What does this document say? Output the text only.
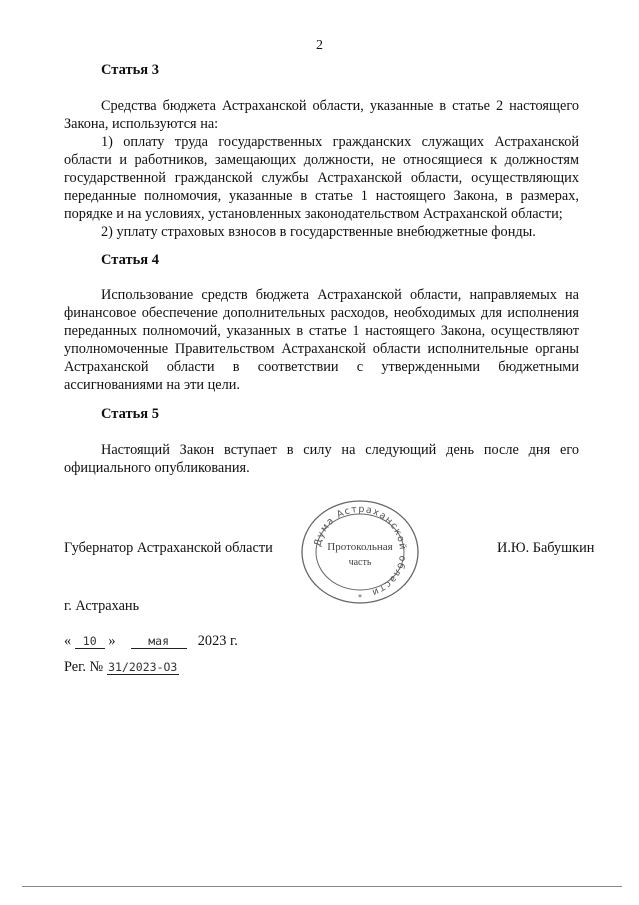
2
Статья 3

Средства бюджета Астраханской области, указанные в статье 2 настоящего Закона, используются на:

1) оплату труда государственных гражданских служащих Астраханской области и работников, замещающих должности, не относящиеся к должностям государственной гражданской службы Астраханской области, осуществляющих переданные полномочия, указанные в статье 1 настоящего Закона, в размерах, порядке и на условиях, установленных законодательством Астраханской области;

2) уплату страховых взносов в государственные внебюджетные фонды.

Статья 4

Использование средств бюджета Астраханской области, направляемых на финансовое обеспечение дополнительных расходов, необходимых для исполнения переданных полномочий, указанных в статье 1 настоящего Закона, осуществляют уполномоченные Правительством Астраханской области исполнительные органы Астраханской области в соответствии с утвержденными бюджетными ассигнованиями на эти цели.

Статья 5

Настоящий Закон вступает в силу на следующий день после дня его официального опубликования.

Губернатор Астраханской области	И.Ю. Бабушкин
Дума Астраханской области
Протокольная
часть
*
г. Астрахань
« 10 »	мая 2023 г.
Рег. № 31/2023-ОЗ
